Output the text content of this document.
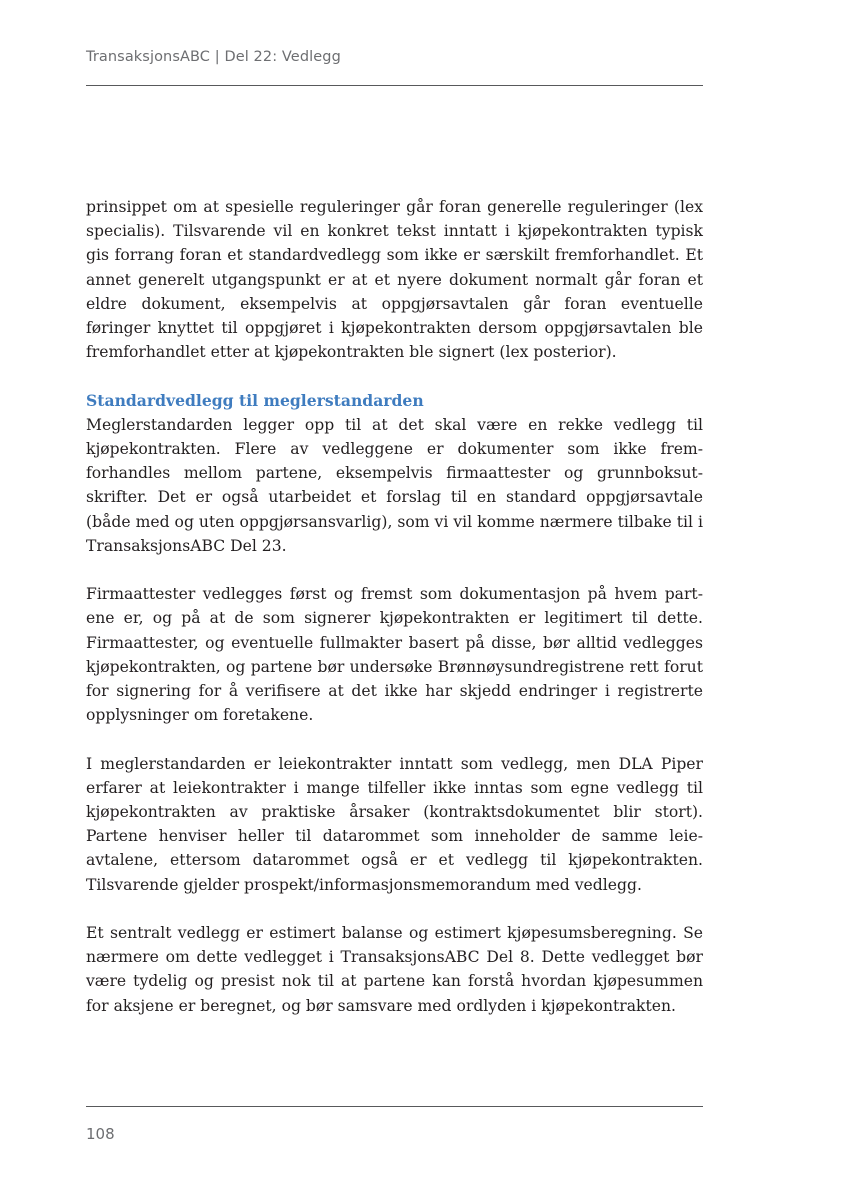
TransaksjonsABC | Del 22: Vedlegg

prinsippet om at spesielle reguleringer går foran generelle reguleringer (lex specialis). Tilsvarende vil en konkret tekst inntatt i kjøpekontrakten typisk gis forrang foran et standardvedlegg som ikke er særskilt fremforhandlet. Et annet generelt utgangspunkt er at et nyere dokument normalt går foran et eldre dokument, eksempelvis at oppgjørsavtalen går foran eventuelle føringer knyttet til oppgjøret i kjøpekontrakten dersom oppgjørsavtalen ble fremforhandlet etter at kjøpekontrakten ble signert (lex posterior).

Standardvedlegg til meglerstandarden

Meglerstandarden legger opp til at det skal være en rekke vedlegg til kjøpekontrakten. Flere av vedleggene er dokumenter som ikke fremforhandles mellom partene, eksempelvis firmaattester og grunnboksutskrifter. Det er også utarbeidet et forslag til en standard oppgjørsavtale (både med og uten oppgjørsansvarlig), som vi vil komme nærmere tilbake til i TransaksjonsABC Del 23.

Firmaattester vedlegges først og fremst som dokumentasjon på hvem partene er, og på at de som signerer kjøpekontrakten er legitimert til dette. Firmaattester, og eventuelle fullmakter basert på disse, bør alltid vedlegges kjøpekontrakten, og partene bør undersøke Brønnøysundregistrene rett forut for signering for å verifisere at det ikke har skjedd endringer i registrerte opplysninger om foretakene.

I meglerstandarden er leiekontrakter inntatt som vedlegg, men DLA Piper erfarer at leiekontrakter i mange tilfeller ikke inntas som egne vedlegg til kjøpekontrakten av praktiske årsaker (kontraktsdokumentet blir stort). Partene henviser heller til datarommet som inneholder de samme leieavtalene, ettersom datarommet også er et vedlegg til kjøpekontrakten. Tilsvarende gjelder prospekt/informasjonsmemorandum med vedlegg.

Et sentralt vedlegg er estimert balanse og estimert kjøpesumsberegning. Se nærmere om dette vedlegget i TransaksjonsABC Del 8. Dette vedlegget bør være tydelig og presist nok til at partene kan forstå hvordan kjøpesummen for aksjene er beregnet, og bør samsvare med ordlyden i kjøpekontrakten.

108
